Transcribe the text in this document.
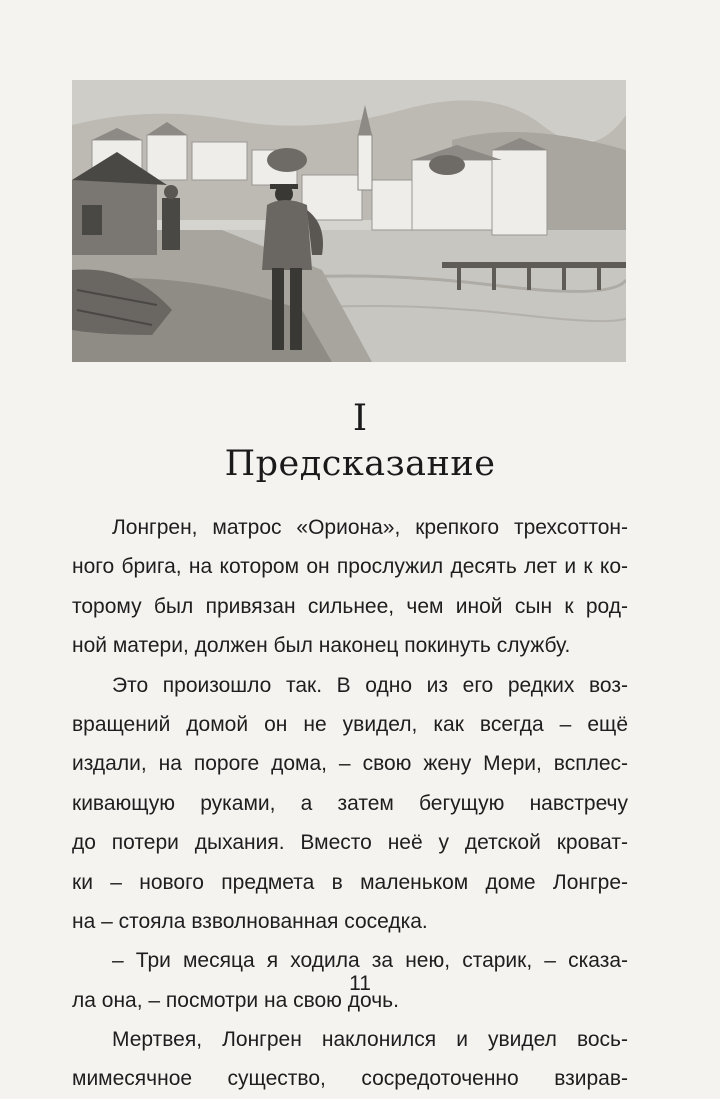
I
Предсказание
Лонгрен, матрос «Ориона», крепкого трехсоттон-
ного брига, на котором он прослужил десять лет и к ко-
торому был привязан сильнее, чем иной сын к род-
ной матери, должен был наконец покинуть службу.
Это произошло так. В одно из его редких воз-
вращений домой он не увидел, как всегда – ещё
издали, на пороге дома, – свою жену Мери, всплес-
кивающую руками, а затем бегущую навстречу
до потери дыхания. Вместо неё у детской кроват-
ки – нового предмета в маленьком доме Лонгре-
на – стояла взволнованная соседка.
– Три месяца я ходила за нею, старик, – сказа-
ла она, – посмотри на свою дочь.
Мертвея, Лонгрен наклонился и увидел вось-
мимесячное существо, сосредоточенно взирав-
11
